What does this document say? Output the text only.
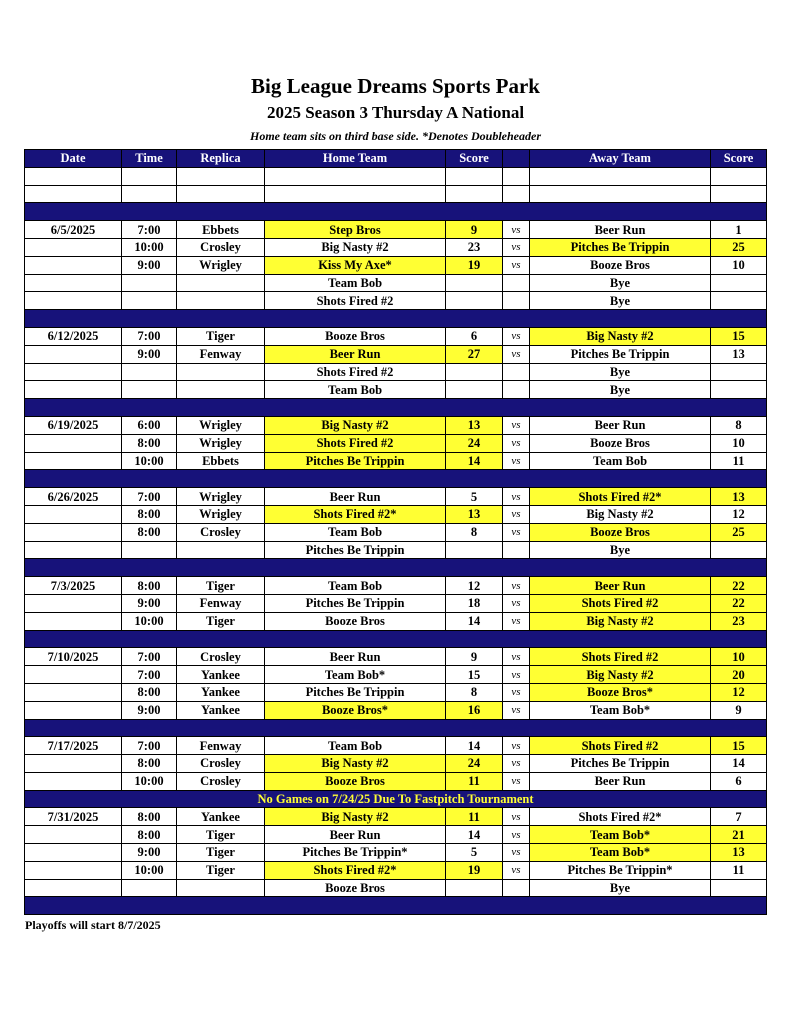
Big League Dreams Sports Park
2025 Season 3 Thursday A National
Home team sits on third base side. *Denotes Doubleheader
Date	Time	Replica	Home Team	Score		Away Team	Score

6/5/2025	7:00	Ebbets	Step Bros	9	vs	Beer Run	1
	10:00	Crosley	Big Nasty #2	23	vs	Pitches Be Trippin	25
	9:00	Wrigley	Kiss My Axe*	19	vs	Booze Bros	10
			Team Bob			Bye	
			Shots Fired #2			Bye	

6/12/2025	7:00	Tiger	Booze Bros	6	vs	Big Nasty #2	15
	9:00	Fenway	Beer Run	27	vs	Pitches Be Trippin	13
			Shots Fired #2			Bye	
			Team Bob			Bye	

6/19/2025	6:00	Wrigley	Big Nasty #2	13	vs	Beer Run	8
	8:00	Wrigley	Shots Fired #2	24	vs	Booze Bros	10
	10:00	Ebbets	Pitches Be Trippin	14	vs	Team Bob	11

6/26/2025	7:00	Wrigley	Beer Run	5	vs	Shots Fired #2*	13
	8:00	Wrigley	Shots Fired #2*	13	vs	Big Nasty #2	12
	8:00	Crosley	Team Bob	8	vs	Booze Bros	25
			Pitches Be Trippin			Bye	

7/3/2025	8:00	Tiger	Team Bob	12	vs	Beer Run	22
	9:00	Fenway	Pitches Be Trippin	18	vs	Shots Fired #2	22
	10:00	Tiger	Booze Bros	14	vs	Big Nasty #2	23

7/10/2025	7:00	Crosley	Beer Run	9	vs	Shots Fired #2	10
	7:00	Yankee	Team Bob*	15	vs	Big Nasty #2	20
	8:00	Yankee	Pitches Be Trippin	8	vs	Booze Bros*	12
	9:00	Yankee	Booze Bros*	16	vs	Team Bob*	9

7/17/2025	7:00	Fenway	Team Bob	14	vs	Shots Fired #2	15
	8:00	Crosley	Big Nasty #2	24	vs	Pitches Be Trippin	14
	10:00	Crosley	Booze Bros	11	vs	Beer Run	6
No Games on 7/24/25 Due To Fastpitch Tournament							
7/31/2025	8:00	Yankee	Big Nasty #2	11	vs	Shots Fired #2*	7
	8:00	Tiger	Beer Run	14	vs	Team Bob*	21
	9:00	Tiger	Pitches Be Trippin*	5	vs	Team Bob*	13
	10:00	Tiger	Shots Fired #2*	19	vs	Pitches Be Trippin*	11
			Booze Bros			Bye	

Playoffs will start 8/7/2025
